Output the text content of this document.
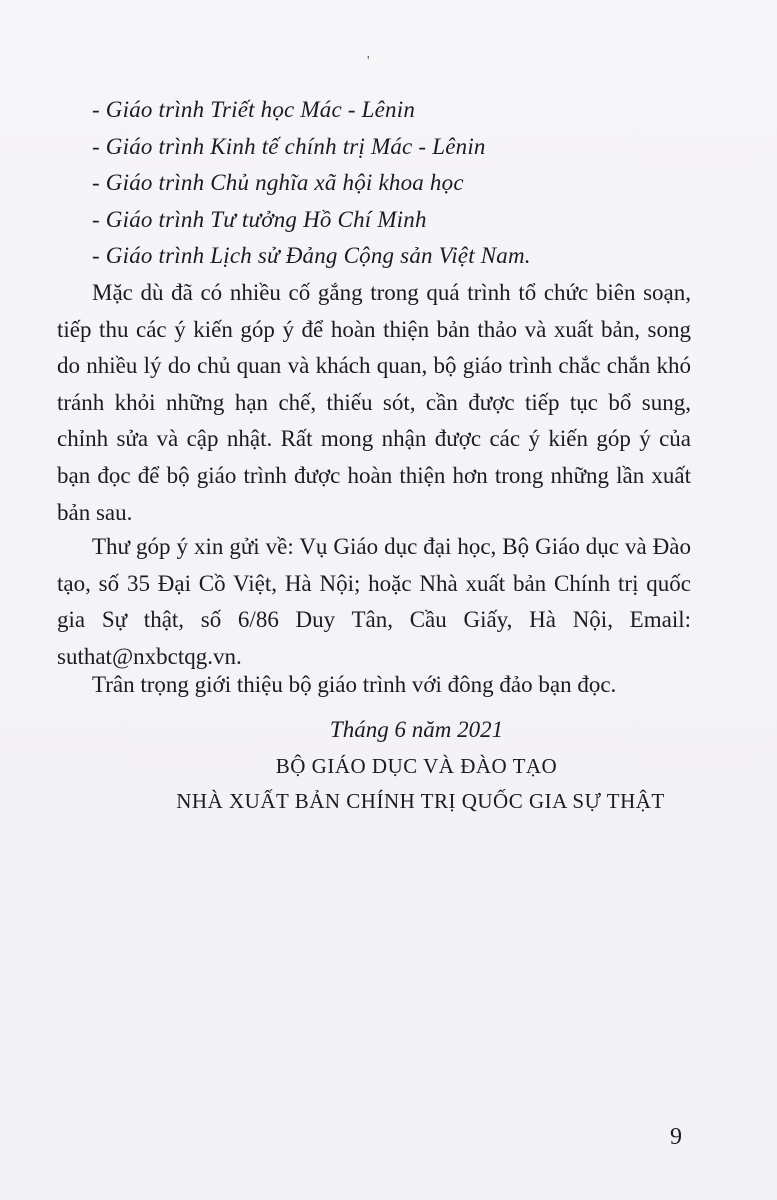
'
- Giáo trình Triết học Mác - Lênin
- Giáo trình Kinh tế chính trị Mác - Lênin
- Giáo trình Chủ nghĩa xã hội khoa học
- Giáo trình Tư tưởng Hồ Chí Minh
- Giáo trình Lịch sử Đảng Cộng sản Việt Nam.

Mặc dù đã có nhiều cố gắng trong quá trình tổ chức biên soạn, tiếp thu các ý kiến góp ý để hoàn thiện bản thảo và xuất bản, song do nhiều lý do chủ quan và khách quan, bộ giáo trình chắc chắn khó tránh khỏi những hạn chế, thiếu sót, cần được tiếp tục bổ sung, chỉnh sửa và cập nhật. Rất mong nhận được các ý kiến góp ý của bạn đọc để bộ giáo trình được hoàn thiện hơn trong những lần xuất bản sau.

Thư góp ý xin gửi về: Vụ Giáo dục đại học, Bộ Giáo dục và Đào tạo, số 35 Đại Cồ Việt, Hà Nội; hoặc Nhà xuất bản Chính trị quốc gia Sự thật, số 6/86 Duy Tân, Cầu Giấy, Hà Nội, Email: suthat@nxbctqg.vn.

Trân trọng giới thiệu bộ giáo trình với đông đảo bạn đọc.

Tháng 6 năm 2021
BỘ GIÁO DỤC VÀ ĐÀO TẠO
NHÀ XUẤT BẢN CHÍNH TRỊ QUỐC GIA SỰ THẬT
9
